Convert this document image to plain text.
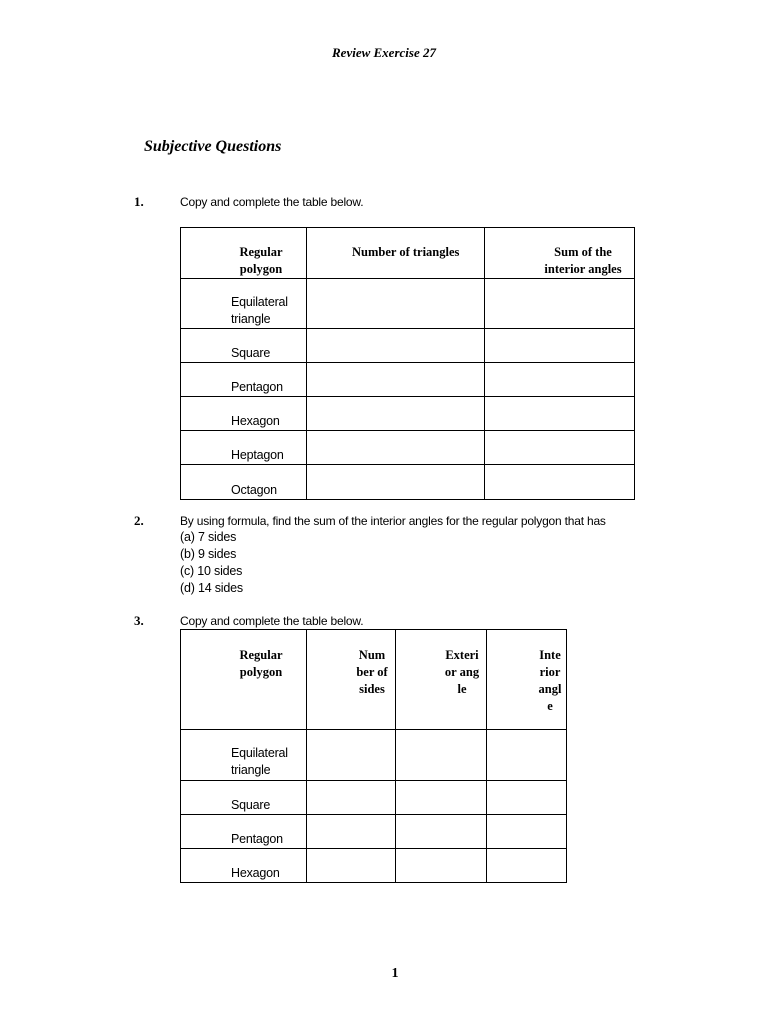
Review Exercise 27
Subjective Questions
1.	Copy and complete the table below.
Regular polygon	Number of triangles	Sum of the interior angles

Equilateral triangle		

Square		

Pentagon		

Hexagon		

Heptagon		

Octagon		

2.	By using formula, find the sum of the interior angles for the regular polygon that has
(a) 7 sides
(b) 9 sides
(c) 10 sides
(d) 14 sides
3.	Copy and complete the table below.
Regular polygon	Number of sides	Exterior angle	Interior angle

Equilateral triangle			

Square			

Pentagon			

Hexagon			

1
